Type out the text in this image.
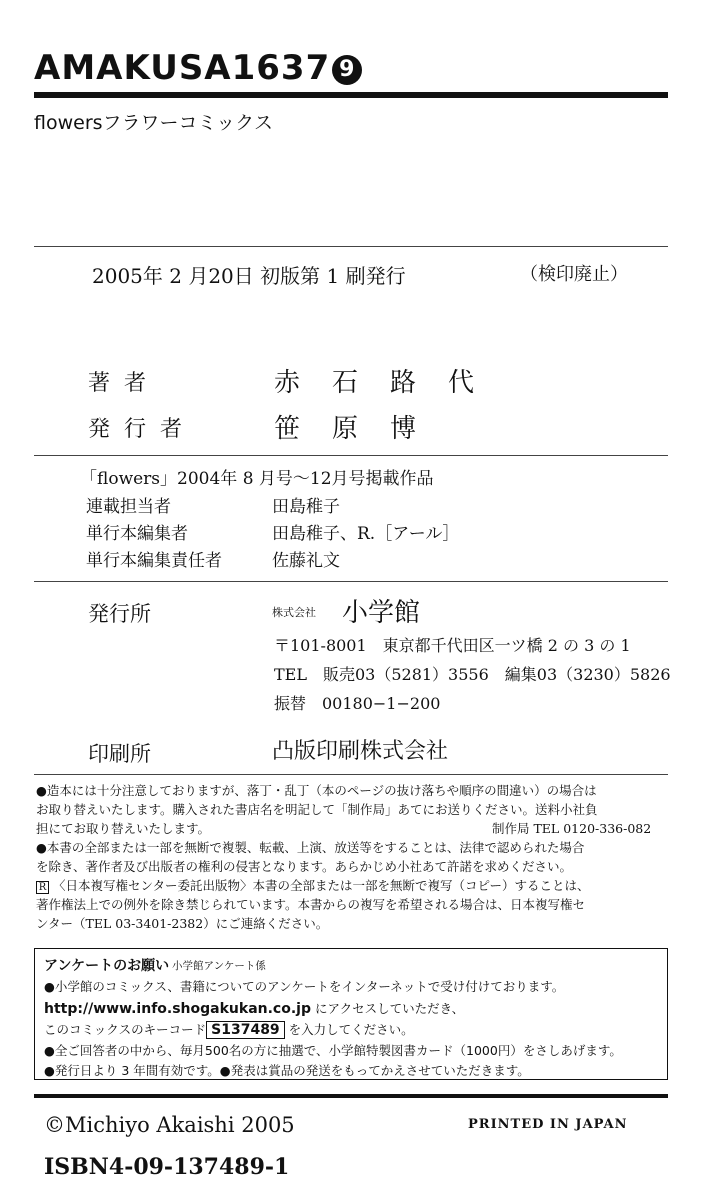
AMAKUSA1637 9
flowersフラワーコミックス
2005年 2 月20日 初版第 1 刷発行	（検印廃止）
著者	赤石路代
発行者	笹原博
「flowers」2004年 8 月号〜12月号掲載作品
連載担当者	田島稚子
単行本編集者	田島稚子、R.［アール］
単行本編集責任者	佐藤礼文
発行所	株式会社 小学館
〒101-8001　東京都千代田区一ツ橋 2 の 3 の 1
TEL　販売03（5281）3556　編集03（3230）5826
振替　00180−1−200
印刷所	凸版印刷株式会社
●造本には十分注意しておりますが、落丁・乱丁（本のページの抜け落ちや順序の間違い）の場合は
お取り替えいたします。購入された書店名を明記して「制作局」あてにお送りください。送料小社負
担にてお取り替えいたします。	制作局 TEL 0120-336-082
●本書の全部または一部を無断で複製、転載、上演、放送等をすることは、法律で認められた場合
を除き、著作者及び出版者の権利の侵害となります。あらかじめ小社あて許諾を求めください。
R 〈日本複写権センター委託出版物〉本書の全部または一部を無断で複写（コピー）することは、
著作権法上での例外を除き禁じられています。本書からの複写を希望される場合は、日本複写権セ
ンター（TEL 03-3401-2382）にご連絡ください。
アンケートのお願い 小学館アンケート係
●小学館のコミックス、書籍についてのアンケートをインターネットで受け付けております。
http://www.info.shogakukan.co.jp にアクセスしていただき、
このコミックスのキーコード S137489 を入力してください。
●全ご回答者の中から、毎月500名の方に抽選で、小学館特製図書カード（1000円）をさしあげます。
●発行日より 3 年間有効です。●発表は賞品の発送をもってかえさせていただきます。
©Michiyo Akaishi 2005	PRINTED IN JAPAN
ISBN4-09-137489-1
